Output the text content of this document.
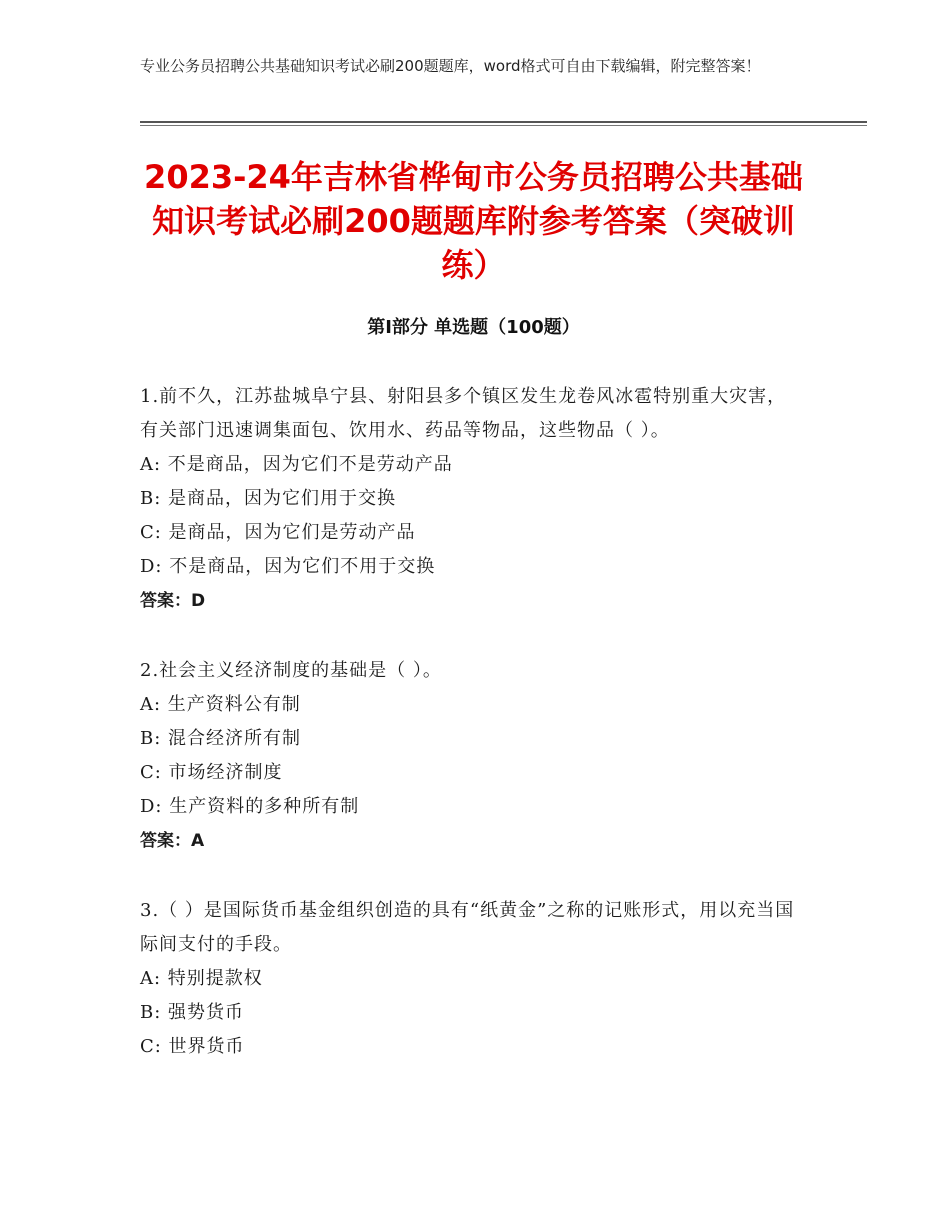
专业公务员招聘公共基础知识考试必刷200题题库，word格式可自由下载编辑，附完整答案！
2023-24年吉林省桦甸市公务员招聘公共基础知识考试必刷200题题库附参考答案（突破训练）
第Ⅰ部分 单选题（100题）

1.前不久，江苏盐城阜宁县、射阳县多个镇区发生龙卷风冰雹特别重大灾害，有关部门迅速调集面包、饮用水、药品等物品，这些物品（ ）。

A: 不是商品，因为它们不是劳动产品

B: 是商品，因为它们用于交换

C: 是商品，因为它们是劳动产品

D: 不是商品，因为它们不用于交换

答案：D

2.社会主义经济制度的基础是（ ）。

A: 生产资料公有制

B: 混合经济所有制

C: 市场经济制度

D: 生产资料的多种所有制

答案：A

3.（ ）是国际货币基金组织创造的具有“纸黄金”之称的记账形式，用以充当国际间支付的手段。

A: 特别提款权

B: 强势货币

C: 世界货币
